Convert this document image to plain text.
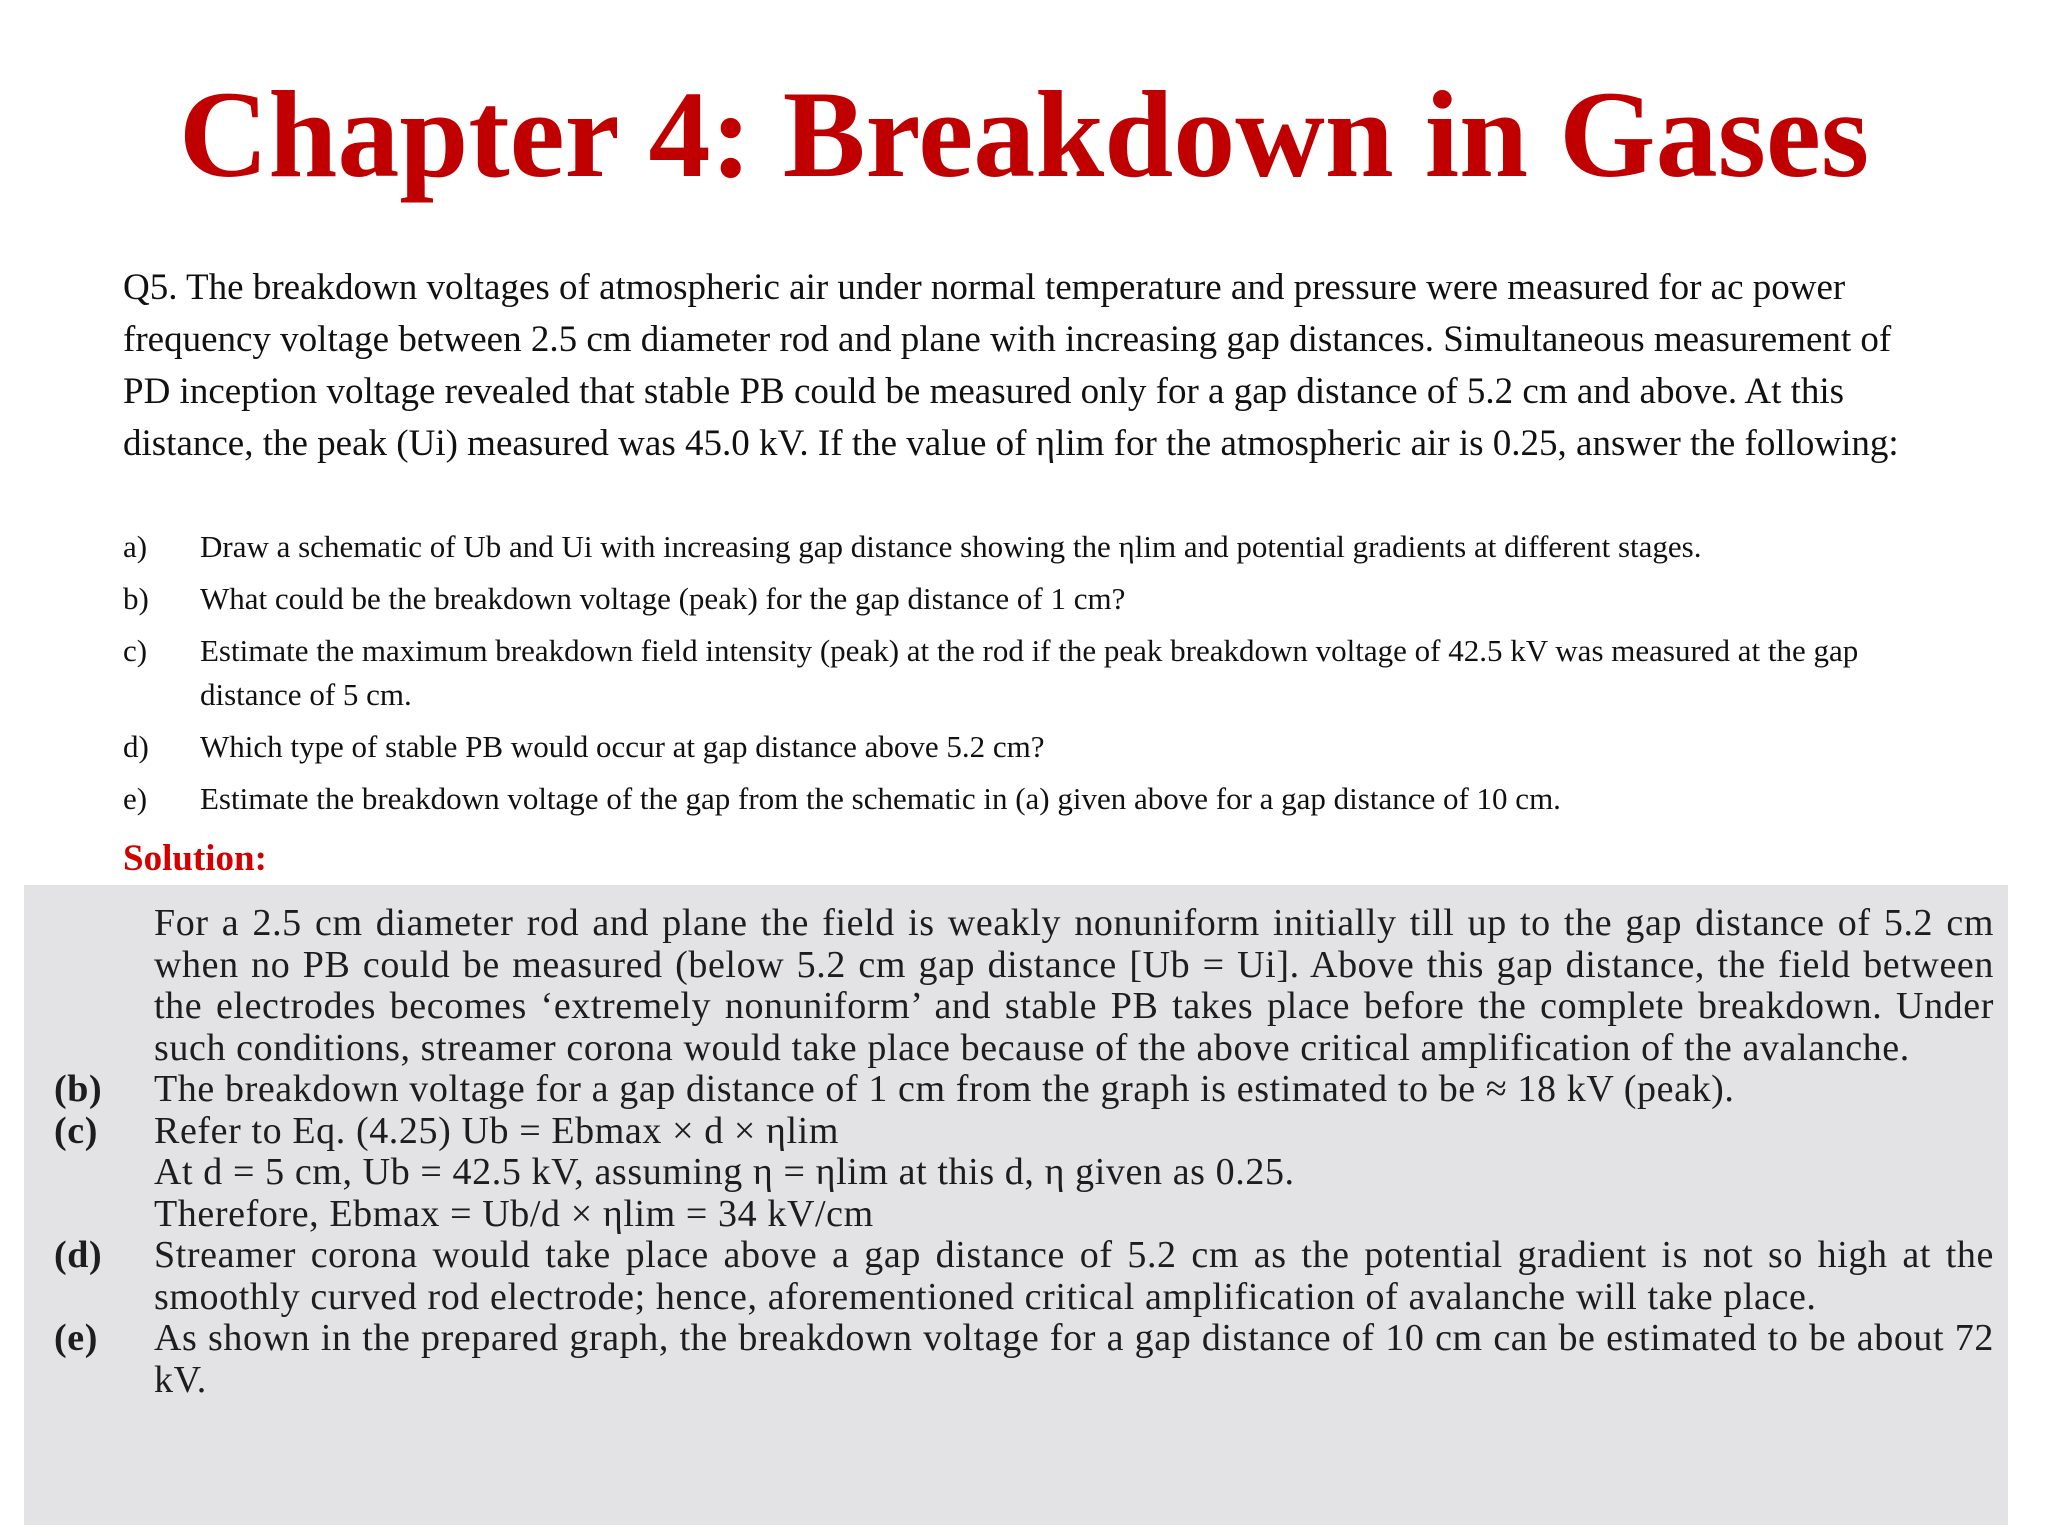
Chapter 4: Breakdown in Gases
Q5. The breakdown voltages of atmospheric air under normal temperature and pressure were measured for ac power frequency voltage between 2.5 cm diameter rod and plane with increasing gap distances. Simultaneous measurement of PD inception voltage revealed that stable PB could be measured only for a gap distance of 5.2 cm and above. At this distance, the peak (Ui) measured was 45.0 kV. If the value of ηlim for the atmospheric air is 0.25, answer the following:
a)	Draw a schematic of Ub and Ui with increasing gap distance showing the ηlim and potential gradients at different stages.
b)	What could be the breakdown voltage (peak) for the gap distance of 1 cm?
c)	Estimate the maximum breakdown field intensity (peak) at the rod if the peak breakdown voltage of 42.5 kV was measured at the gap distance of 5 cm.
d)	Which type of stable PB would occur at gap distance above 5.2 cm?
e)	Estimate the breakdown voltage of the gap from the schematic in (a) given above for a gap distance of 10 cm.
Solution:
For a 2.5 cm diameter rod and plane the field is weakly nonuniform initially till up to the gap distance of 5.2 cm when no PB could be measured (below 5.2 cm gap distance [Ub = Ui]. Above this gap distance, the field between the electrodes becomes ‘extremely nonuniform’ and stable PB takes place before the complete breakdown. Under such conditions, streamer corona would take place because of the above critical amplification of the avalanche.
(b)	The breakdown voltage for a gap distance of 1 cm from the graph is estimated to be ≈ 18 kV (peak).
(c)	Refer to Eq. (4.25) Ub = Ebmax × d × ηlim
At d = 5 cm, Ub = 42.5 kV, assuming η = ηlim at this d, η given as 0.25.
Therefore, Ebmax = Ub/d × ηlim = 34 kV/cm
(d)	Streamer corona would take place above a gap distance of 5.2 cm as the potential gradient is not so high at the smoothly curved rod electrode; hence, aforementioned critical amplification of avalanche will take place.
(e)	As shown in the prepared graph, the breakdown voltage for a gap distance of 10 cm can be estimated to be about 72 kV.
